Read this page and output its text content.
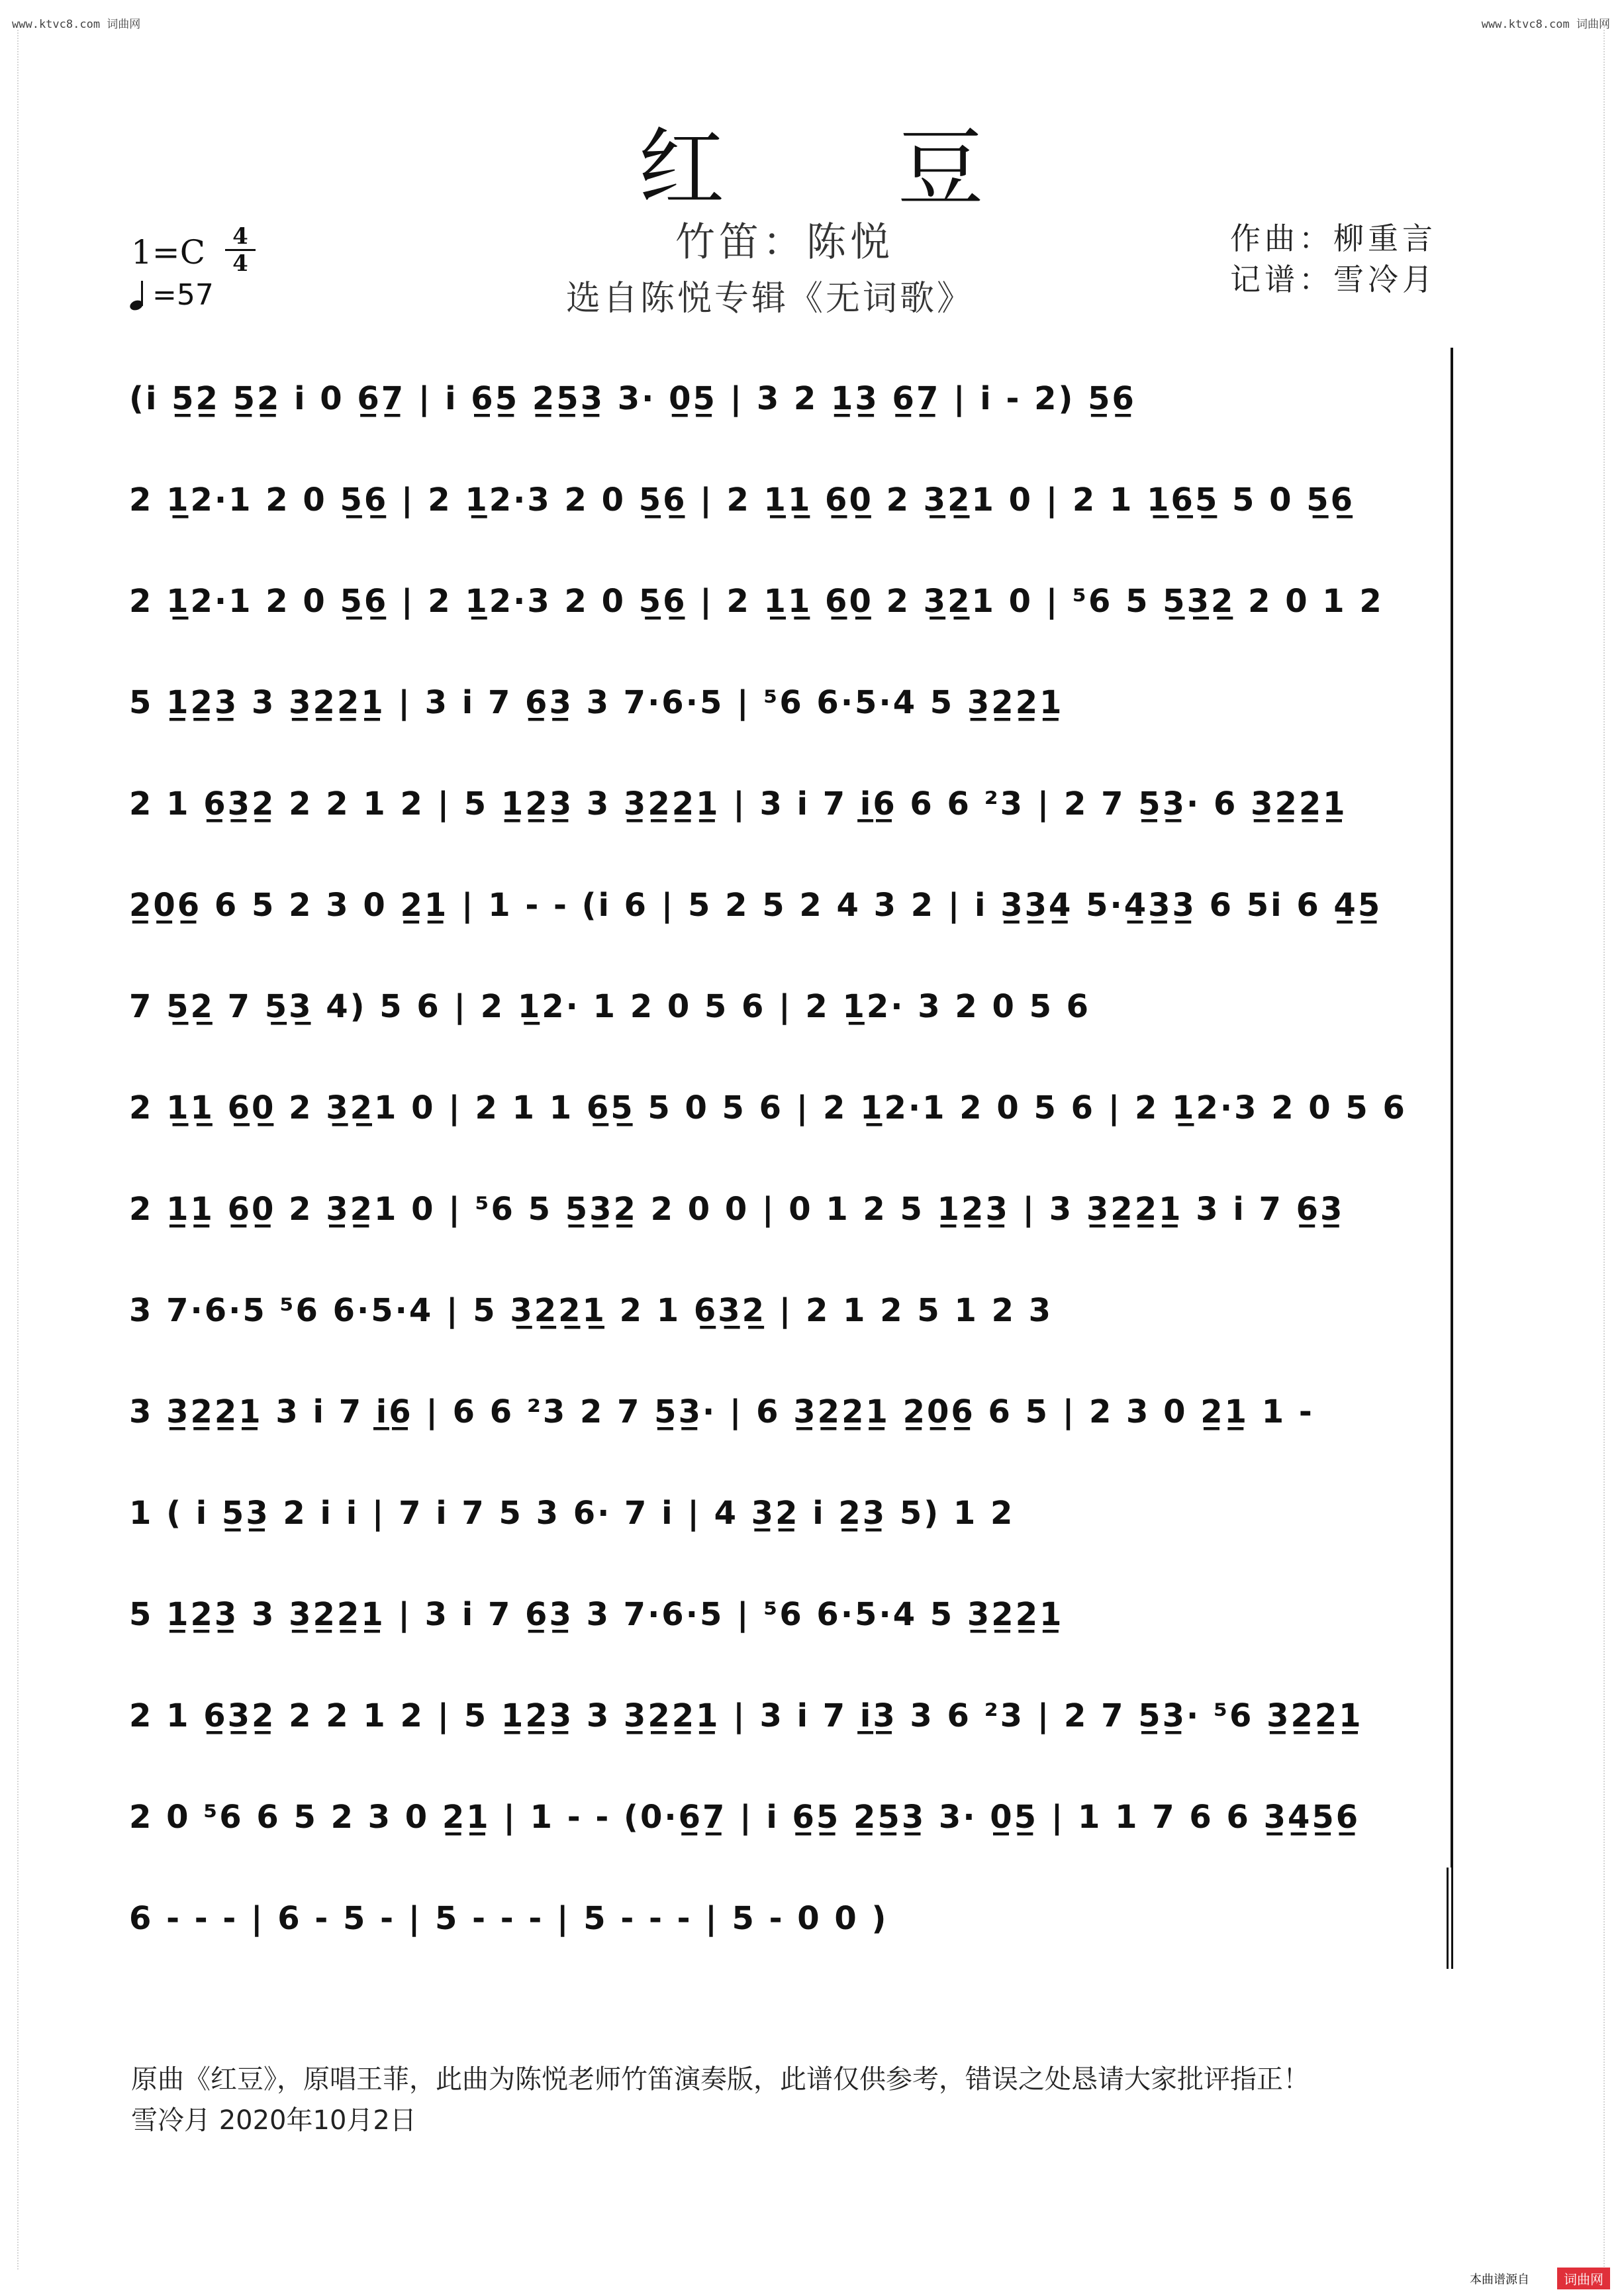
www.ktvc8.com 词曲网	www.ktvc8.com 词曲网
红 豆
竹笛：陈悦
选自陈悦专辑《无词歌》
作曲：柳重言
记谱：雪冷月
1=C	4
4
=57
(i 5̲2̲ 5̲2̲ i 0 6̲7̲ | i 6̲5̲ 2̲5̲3̲ 3· 0̲5̲ | 3 2 1̲3̲ 6̲7̲ | i - 2) 5̲6̲
2 1̲2·1 2 0 5̲6̲ | 2 1̲2·3 2 0 5̲6̲ | 2 1̲1̲ 6̲0̲ 2 3̲2̲1 0 | 2 1 1̲6̲5̲ 5 0 5̲6̲
2 1̲2·1 2 0 5̲6̲ | 2 1̲2·3 2 0 5̲6̲ | 2 1̲1̲ 6̲0̲ 2 3̲2̲1 0 | ⁵6 5 5̲3̲2̲ 2 0 1 2
5 1̲2̲3̲ 3 3̲2̲2̲1̲ | 3 i 7 6̲3̲ 3 7·6·5 | ⁵6 6·5·4 5 3̲2̲2̲1̲
2 1 6̲3̲2̲ 2 2 1 2 | 5 1̲2̲3̲ 3 3̲2̲2̲1̲ | 3 i 7 i̲6̲ 6 6 ²3 | 2 7 5̲3̲· 6 3̲2̲2̲1̲
2̲0̲6̲ 6 5 2 3 0 2̲1̲ | 1 - - (i 6 | 5 2 5 2 4 3 2 | i 3̲3̲4̲ 5·4̲3̲3̲ 6 5i 6 4̲5̲
7 5̲2̲ 7 5̲3̲ 4) 5 6 | 2 1̲2· 1 2 0 5 6 | 2 1̲2· 3 2 0 5 6
2 1̲1̲ 6̲0̲ 2 3̲2̲1 0 | 2 1 1 6̲5̲ 5 0 5 6 | 2 1̲2·1 2 0 5 6 | 2 1̲2·3 2 0 5 6
2 1̲1̲ 6̲0̲ 2 3̲2̲1 0 | ⁵6 5 5̲3̲2̲ 2 0 0 | 0 1 2 5 1̲2̲3̲ | 3 3̲2̲2̲1̲ 3 i 7 6̲3̲
3 7·6·5 ⁵6 6·5·4 | 5 3̲2̲2̲1̲ 2 1 6̲3̲2̲ | 2 1 2 5 1 2 3
3 3̲2̲2̲1̲ 3 i 7 i̲6̲ | 6 6 ²3 2 7 5̲3̲· | 6 3̲2̲2̲1̲ 2̲0̲6̲ 6 5 | 2 3 0 2̲1̲ 1 -
1 ( i 5̲3̲ 2 i i | 7 i 7 5 3 6· 7 i | 4 3̲2̲ i 2̲3̲ 5) 1 2
5 1̲2̲3̲ 3 3̲2̲2̲1̲ | 3 i 7 6̲3̲ 3 7·6·5 | ⁵6 6·5·4 5 3̲2̲2̲1̲
2 1 6̲3̲2̲ 2 2 1 2 | 5 1̲2̲3̲ 3 3̲2̲2̲1̲ | 3 i 7 i̲3̲ 3 6 ²3 | 2 7 5̲3̲· ⁵6 3̲2̲2̲1̲
2 0 ⁵6 6 5 2 3 0 2̲1̲ | 1 - - (0·6̲7̲ | i 6̲5̲ 2̲5̲3̲ 3· 0̲5̲ | 1 1 7 6 6 3̲4̲5̲6̲
6 - - - | 6 - 5 - | 5 - - - | 5 - - - | 5 - 0 0 )
原曲《红豆》，原唱王菲，此曲为陈悦老师竹笛演奏版，此谱仅供参考，错误之处恳请大家批评指正！
雪冷月 2020年10月2日
本曲谱源自	词曲网
